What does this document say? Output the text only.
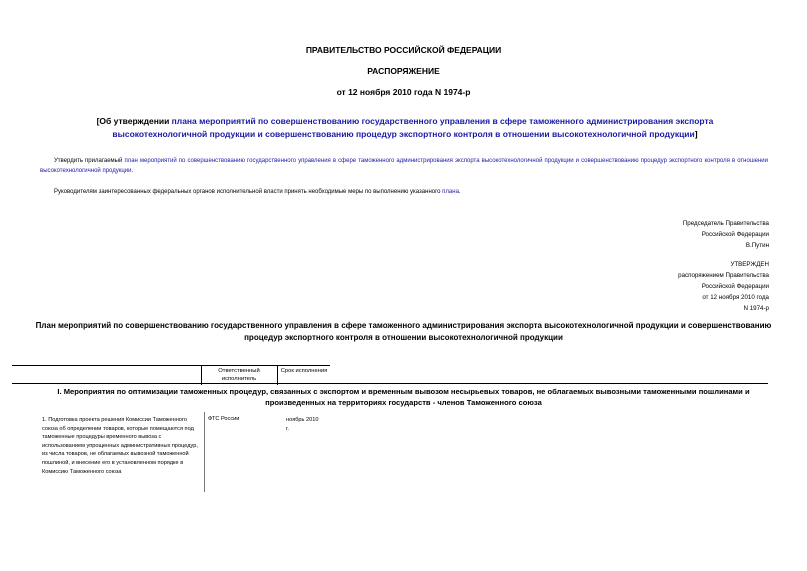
ПРАВИТЕЛЬСТВО РОССИЙСКОЙ ФЕДЕРАЦИИ
РАСПОРЯЖЕНИЕ
от 12 ноября 2010 года N 1974-р
[Об утверждении плана мероприятий по совершенствованию государственного управления в сфере таможенного администрирования экспорта высокотехнологичной продукции и совершенствованию процедур экспортного контроля в отношении высокотехнологичной продукции]
Утвердить прилагаемый план мероприятий по совершенствованию государственного управления в сфере таможенного администрирования экспорта высокотехнологичной продукции и совершенствованию процедур экспортного контроля в отношении высокотехнологичной продукции.
Руководителям заинтересованных федеральных органов исполнительной власти принять необходимые меры по выполнению указанного плана.
Председатель Правительства
Российской Федерации
В.Путин
УТВЕРЖДЕН
распоряжением Правительства
Российской Федерации
от 12 ноября 2010 года
N 1974-р
План мероприятий по совершенствованию государственного управления в сфере таможенного администрирования экспорта высокотехнологичной продукции и совершенствованию процедур экспортного контроля в отношении высокотехнологичной продукции
Ответственный исполнитель
Срок исполнения
I. Мероприятия по оптимизации таможенных процедур, связанных с экспортом и временным вывозом несырьевых товаров, не облагаемых вывозными таможенными пошлинами и произведенных на территориях государств - членов Таможенного союза
1. Подготовка проекта решения Комиссии Таможенного союза об определении товаров, которые помещаются под таможенные процедуры временного вывоза с использованием упрощенных административных процедур, из числа товаров, не облагаемых вывозной таможенной пошлиной, и внесение его в установленном порядке в Комиссию Таможенного союза
ФТС России	ноябрь 2010 г.
